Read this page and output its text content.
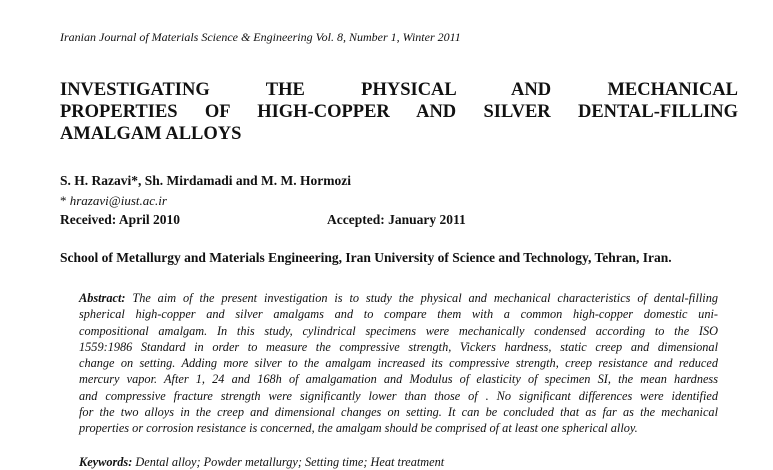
Iranian Journal of Materials Science & Engineering Vol. 8, Number 1, Winter 2011
INVESTIGATING THE PHYSICAL AND MECHANICAL
PROPERTIES OF HIGH-COPPER AND SILVER DENTAL-FILLING
AMALGAM ALLOYS
S. H. Razavi*, Sh. Mirdamadi and M. M. Hormozi
* hrazavi@iust.ac.ir
Received: April 2010	Accepted: January 2011
School of Metallurgy and Materials Engineering, Iran University of Science and Technology, Tehran, Iran.
Abstract: The aim of the present investigation is to study the physical and mechanical characteristics of dental-filling
spherical high-copper and silver amalgams and to compare them with a common high-copper domestic uni-
compositional amalgam. In this study, cylindrical specimens were mechanically condensed according to the ISO
1559:1986 Standard in order to measure the compressive strength, Vickers hardness, static creep and dimensional
change on setting. Adding more silver to the amalgam increased its compressive strength, creep resistance and reduced
mercury vapor. After 1, 24 and 168h of amalgamation and Modulus of elasticity of specimen SI, the mean hardness
and compressive fracture strength were significantly lower than those of . No significant differences were identified
for the two alloys in the creep and dimensional changes on setting. It can be concluded that as far as the mechanical
properties or corrosion resistance is concerned, the amalgam should be comprised of at least one spherical alloy.
Keywords: Dental alloy; Powder metallurgy; Setting time; Heat treatment
